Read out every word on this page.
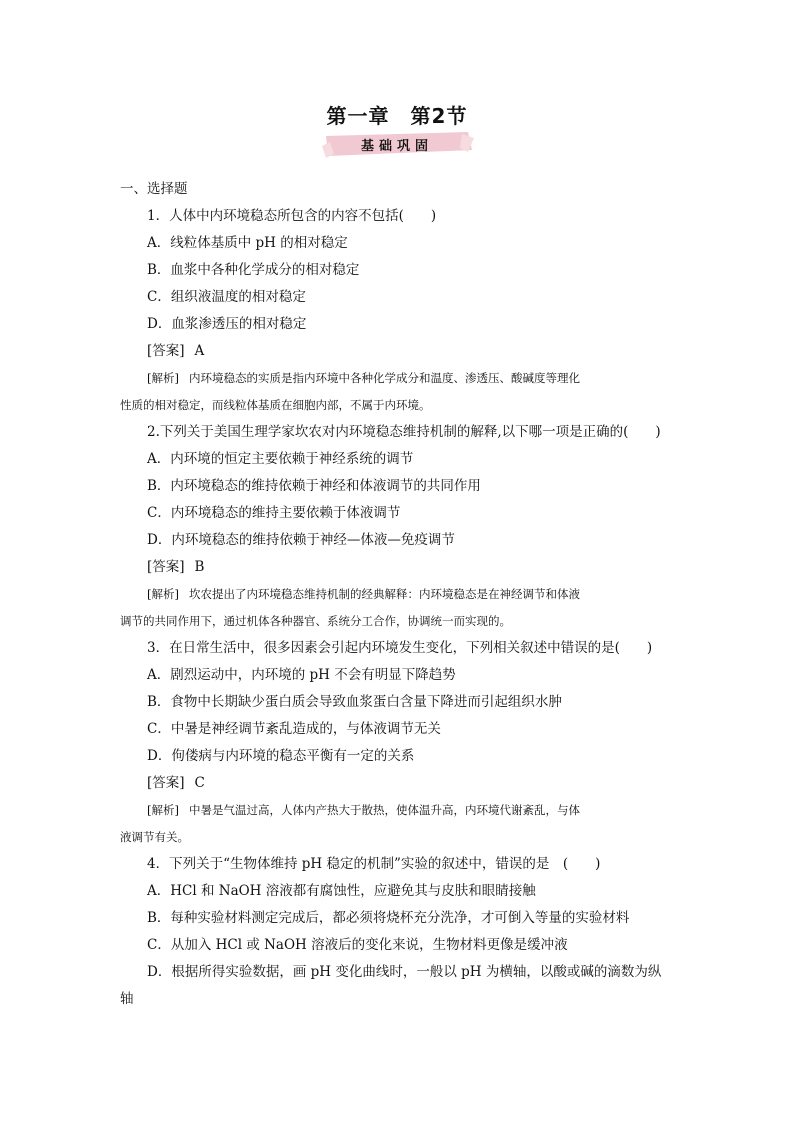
第一章　第2节
基础巩固
一、选择题
1．人体中内环境稳态所包含的内容不包括(　　)
A．线粒体基质中 pH 的相对稳定
B．血浆中各种化学成分的相对稳定
C．组织液温度的相对稳定
D．血浆渗透压的相对稳定
[答案] A
[解析] 内环境稳态的实质是指内环境中各种化学成分和温度、渗透压、酸碱度等理化
性质的相对稳定，而线粒体基质在细胞内部，不属于内环境。
2.下列关于美国生理学家坎农对内环境稳态维持机制的解释,以下哪一项是正确的(　　)
A．内环境的恒定主要依赖于神经系统的调节
B．内环境稳态的维持依赖于神经和体液调节的共同作用
C．内环境稳态的维持主要依赖于体液调节
D．内环境稳态的维持依赖于神经—体液—免疫调节
[答案] B
[解析] 坎农提出了内环境稳态维持机制的经典解释：内环境稳态是在神经调节和体液
调节的共同作用下，通过机体各种器官、系统分工合作，协调统一而实现的。
3．在日常生活中，很多因素会引起内环境发生变化，下列相关叙述中错误的是(　　)
A．剧烈运动中，内环境的 pH 不会有明显下降趋势
B．食物中长期缺少蛋白质会导致血浆蛋白含量下降进而引起组织水肿
C．中暑是神经调节紊乱造成的，与体液调节无关
D．佝偻病与内环境的稳态平衡有一定的关系
[答案] C
[解析] 中暑是气温过高，人体内产热大于散热，使体温升高，内环境代谢紊乱，与体
液调节有关。
4．下列关于“生物体维持 pH 稳定的机制”实验的叙述中，错误的是　(　　)
A．HCl 和 NaOH 溶液都有腐蚀性，应避免其与皮肤和眼睛接触
B．每种实验材料测定完成后，都必须将烧杯充分洗净，才可倒入等量的实验材料
C．从加入 HCl 或 NaOH 溶液后的变化来说，生物材料更像是缓冲液
D．根据所得实验数据，画 pH 变化曲线时，一般以 pH 为横轴，以酸或碱的滴数为纵
轴
